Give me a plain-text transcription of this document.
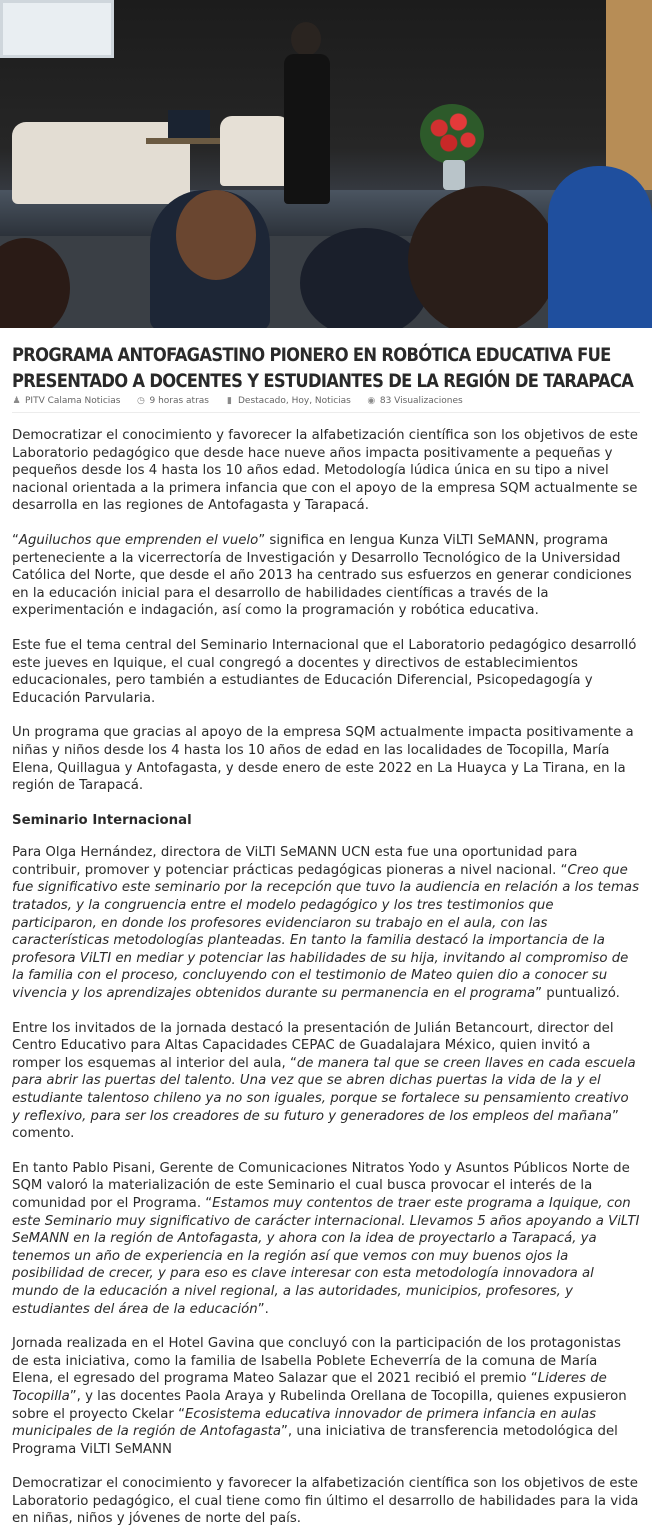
PROGRAMA ANTOFAGASTINO PIONERO EN ROBÓTICA EDUCATIVA FUE PRESENTADO A DOCENTES Y ESTUDIANTES DE LA REGIÓN DE TARAPACA
♟ PITV Calama Noticias ◷ 9 horas atras ▮ Destacado, Hoy, Noticias ◉ 83 Visualizaciones

Democratizar el conocimiento y favorecer la alfabetización científica son los objetivos de este Laboratorio pedagógico que desde hace nueve años impacta positivamente a pequeñas y pequeños desde los 4 hasta los 10 años edad. Metodología lúdica única en su tipo a nivel nacional orientada a la primera infancia que con el apoyo de la empresa SQM actualmente se desarrolla en las regiones de Antofagasta y Tarapacá.

“Aguiluchos que emprenden el vuelo” significa en lengua Kunza ViLTI SeMANN, programa perteneciente a la vicerrectoría de Investigación y Desarrollo Tecnológico de la Universidad Católica del Norte, que desde el año 2013 ha centrado sus esfuerzos en generar condiciones en la educación inicial para el desarrollo de habilidades científicas a través de la experimentación e indagación, así como la programación y robótica educativa.

Este fue el tema central del Seminario Internacional que el Laboratorio pedagógico desarrolló este jueves en Iquique, el cual congregó a docentes y directivos de establecimientos educacionales, pero también a estudiantes de Educación Diferencial, Psicopedagogía y Educación Parvularia.

Un programa que gracias al apoyo de la empresa SQM actualmente impacta positivamente a niñas y niños desde los 4 hasta los 10 años de edad en las localidades de Tocopilla, María Elena, Quillagua y Antofagasta, y desde enero de este 2022 en La Huayca y La Tirana, en la región de Tarapacá.

Seminario Internacional

Para Olga Hernández, directora de ViLTI SeMANN UCN esta fue una oportunidad para contribuir, promover y potenciar prácticas pedagógicas pioneras a nivel nacional. “Creo que fue significativo este seminario por la recepción que tuvo la audiencia en relación a los temas tratados, y la congruencia entre el modelo pedagógico y los tres testimonios que participaron, en donde los profesores evidenciaron su trabajo en el aula, con las características metodologías planteadas. En tanto la familia destacó la importancia de la profesora ViLTI en mediar y potenciar las habilidades de su hija, invitando al compromiso de la familia con el proceso, concluyendo con el testimonio de Mateo quien dio a conocer su vivencia y los aprendizajes obtenidos durante su permanencia en el programa” puntualizó.

Entre los invitados de la jornada destacó la presentación de Julián Betancourt, director del Centro Educativo para Altas Capacidades CEPAC de Guadalajara México, quien invitó a romper los esquemas al interior del aula, “de manera tal que se creen llaves en cada escuela para abrir las puertas del talento. Una vez que se abren dichas puertas la vida de la y el estudiante talentoso chileno ya no son iguales, porque se fortalece su pensamiento creativo y reflexivo, para ser los creadores de su futuro y generadores de los empleos del mañana” comento.

En tanto Pablo Pisani, Gerente de Comunicaciones Nitratos Yodo y Asuntos Públicos Norte de SQM valoró la materialización de este Seminario el cual busca provocar el interés de la comunidad por el Programa. “Estamos muy contentos de traer este programa a Iquique, con este Seminario muy significativo de carácter internacional. Llevamos 5 años apoyando a ViLTI SeMANN en la región de Antofagasta, y ahora con la idea de proyectarlo a Tarapacá, ya tenemos un año de experiencia en la región así que vemos con muy buenos ojos la posibilidad de crecer, y para eso es clave interesar con esta metodología innovadora al mundo de la educación a nivel regional, a las autoridades, municipios, profesores, y estudiantes del área de la educación”.

Jornada realizada en el Hotel Gavina que concluyó con la participación de los protagonistas de esta iniciativa, como la familia de Isabella Poblete Echeverría de la comuna de María Elena, el egresado del programa Mateo Salazar que el 2021 recibió el premio “Lideres de Tocopilla”, y las docentes Paola Araya y Rubelinda Orellana de Tocopilla, quienes expusieron sobre el proyecto Ckelar “Ecosistema educativa innovador de primera infancia en aulas municipales de la región de Antofagasta”, una iniciativa de transferencia metodológica del Programa ViLTI SeMANN

Democratizar el conocimiento y favorecer la alfabetización científica son los objetivos de este Laboratorio pedagógico, el cual tiene como fin último el desarrollo de habilidades para la vida en niñas, niños y jóvenes de norte del país.
